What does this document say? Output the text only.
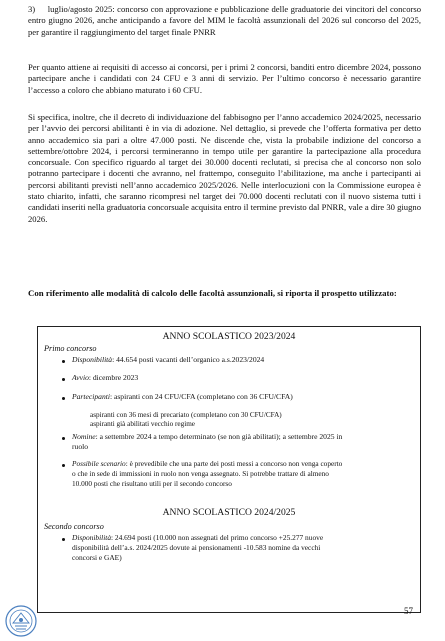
3)     luglio/agosto 2025: concorso con approvazione e pubblicazione delle graduatorie dei vincitori del concorso entro giugno 2026, anche anticipando a favore del MIM le facoltà assunzionali del 2026 sul concorso del 2025, per garantire il raggiungimento del target finale PNRR

Per quanto attiene ai requisiti di accesso ai concorsi, per i primi 2 concorsi, banditi entro dicembre 2024, possono partecipare anche i candidati con 24 CFU e 3 anni di servizio. Per l’ultimo concorso è necessario garantire l’accesso a coloro che abbiano maturato i 60 CFU.

Si specifica, inoltre, che il decreto di individuazione del fabbisogno per l’anno accademico 2024/2025, necessario per l’avvio dei percorsi abilitanti è in via di adozione. Nel dettaglio, si prevede che l’offerta formativa per detto anno accademico sia pari a oltre 47.000 posti. Ne discende che, vista la probabile indizione del concorso a settembre/ottobre 2024, i percorsi termineranno in tempo utile per garantire la partecipazione alla procedura concorsuale. Con specifico riguardo al target dei 30.000 docenti reclutati, si precisa che al concorso non solo potranno partecipare i docenti che avranno, nel frattempo, conseguito l’abilitazione, ma anche i partecipanti ai percorsi abilitanti previsti nell’anno accademico 2025/2026. Nelle interlocuzioni con la Commissione europea è stato chiarito, infatti, che saranno ricompresi nel target dei 70.000 docenti reclutati con il nuovo sistema tutti i candidati inseriti nella graduatoria concorsuale acquisita entro il termine previsto dal PNRR, vale a dire 30 giugno 2026.

Con riferimento alle modalità di calcolo delle facoltà assunzionali, si riporta il prospetto utilizzato:

ANNO SCOLASTICO 2023/2024
Primo concorso
Disponibilità: 44.654 posti vacanti dell’organico a.s.2023/2024
Avvio: dicembre 2023
Partecipanti: aspiranti con 24 CFU/CFA (completano con 36 CFU/CFA)
aspiranti con 36 mesi di precariato (completano con 30 CFU/CFA)
aspiranti già abilitati vecchio regime
Nomine: a settembre 2024 a tempo determinato (se non già abilitati); a settembre 2025 in
ruolo
Possibile scenario: è prevedibile che una parte dei posti messi a concorso non venga coperto
o che in sede di immissioni in ruolo non venga assegnato. Si potrebbe trattare di almeno
10.000 posti che risultano utili per il secondo concorso
ANNO SCOLASTICO 2024/2025
Secondo concorso
Disponibilità: 24.694 posti (10.000 non assegnati del primo concorso +25.277 nuove
disponibilità dell’a.s. 2024/2025 dovute ai pensionamenti -10.583 nomine da vecchi
concorsi e GAE)
57
